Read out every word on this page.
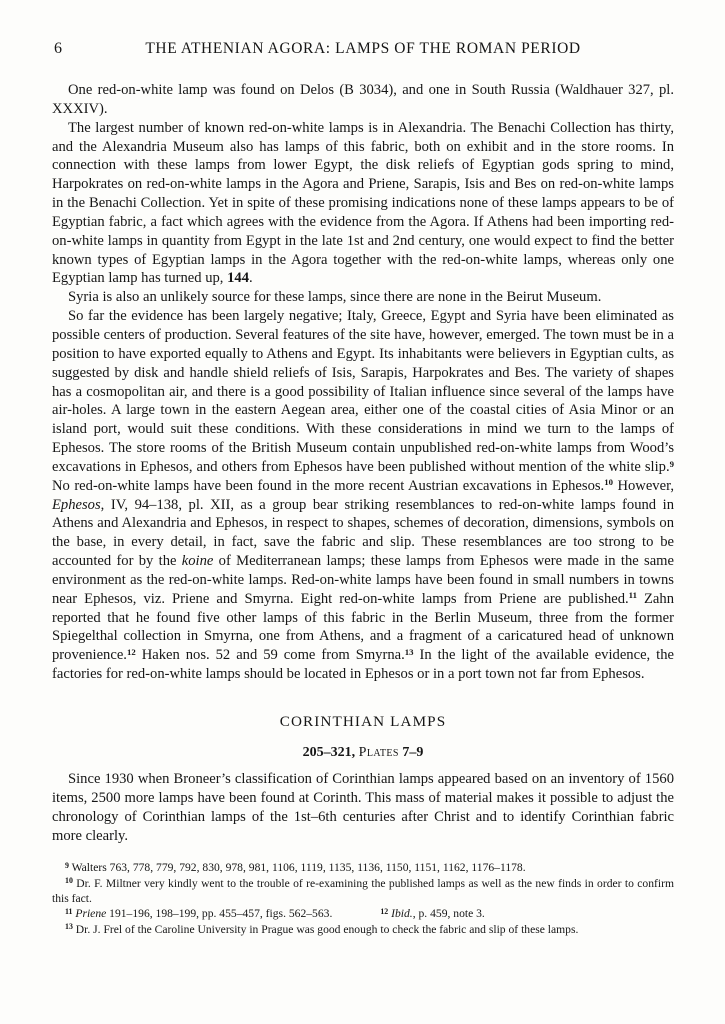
6	THE ATHENIAN AGORA: LAMPS OF THE ROMAN PERIOD

One red-on-white lamp was found on Delos (B 3034), and one in South Russia (Waldhauer 327, pl. XXXIV).

The largest number of known red-on-white lamps is in Alexandria. The Benachi Collection has thirty, and the Alexandria Museum also has lamps of this fabric, both on exhibit and in the store rooms. In connection with these lamps from lower Egypt, the disk reliefs of Egyptian gods spring to mind, Harpokrates on red-on-white lamps in the Agora and Priene, Sarapis, Isis and Bes on red-on-white lamps in the Benachi Collection. Yet in spite of these promising indications none of these lamps appears to be of Egyptian fabric, a fact which agrees with the evidence from the Agora. If Athens had been importing red-on-white lamps in quantity from Egypt in the late 1st and 2nd century, one would expect to find the better known types of Egyptian lamps in the Agora together with the red-on-white lamps, whereas only one Egyptian lamp has turned up, 144.

Syria is also an unlikely source for these lamps, since there are none in the Beirut Museum.

So far the evidence has been largely negative; Italy, Greece, Egypt and Syria have been eliminated as possible centers of production. Several features of the site have, however, emerged. The town must be in a position to have exported equally to Athens and Egypt. Its inhabitants were believers in Egyptian cults, as suggested by disk and handle shield reliefs of Isis, Sarapis, Harpokrates and Bes. The variety of shapes has a cosmopolitan air, and there is a good possibility of Italian influence since several of the lamps have air-holes. A large town in the eastern Aegean area, either one of the coastal cities of Asia Minor or an island port, would suit these conditions. With these considerations in mind we turn to the lamps of Ephesos. The store rooms of the British Museum contain unpublished red-on-white lamps from Wood’s excavations in Ephesos, and others from Ephesos have been published without mention of the white slip.$^9$ No red-on-white lamps have been found in the more recent Austrian excavations in Ephesos.$^{10}$ However, Ephesos, IV, 94–138, pl. XII, as a group bear striking resemblances to red-on-white lamps found in Athens and Alexandria and Ephesos, in respect to shapes, schemes of decoration, dimensions, symbols on the base, in every detail, in fact, save the fabric and slip. These resemblances are too strong to be accounted for by the koine of Mediterranean lamps; these lamps from Ephesos were made in the same environment as the red-on-white lamps. Red-on-white lamps have been found in small numbers in towns near Ephesos, viz. Priene and Smyrna. Eight red-on-white lamps from Priene are published.$^{11}$ Zahn reported that he found five other lamps of this fabric in the Berlin Museum, three from the former Spiegelthal collection in Smyrna, one from Athens, and a fragment of a caricatured head of unknown provenience.$^{12}$ Haken nos. 52 and 59 come from Smyrna.$^{13}$ In the light of the available evidence, the factories for red-on-white lamps should be located in Ephesos or in a port town not far from Ephesos.

CORINTHIAN LAMPS

205–321, Plates 7–9

Since 1930 when Broneer’s classification of Corinthian lamps appeared based on an inventory of 1560 items, 2500 more lamps have been found at Corinth. This mass of material makes it possible to adjust the chronology of Corinthian lamps of the 1st–6th centuries after Christ and to identify Corinthian fabric more clearly.

$^9$ Walters 763, 778, 779, 792, 830, 978, 981, 1106, 1119, 1135, 1136, 1150, 1151, 1162, 1176–1178.

$^{10}$ Dr. F. Miltner very kindly went to the trouble of re-examining the published lamps as well as the new finds in order to confirm this fact.

$^{11}$ Priene 191–196, 198–199, pp. 455–457, figs. 562–563.	$^{12}$ Ibid., p. 459, note 3.

$^{13}$ Dr. J. Frel of the Caroline University in Prague was good enough to check the fabric and slip of these lamps.
